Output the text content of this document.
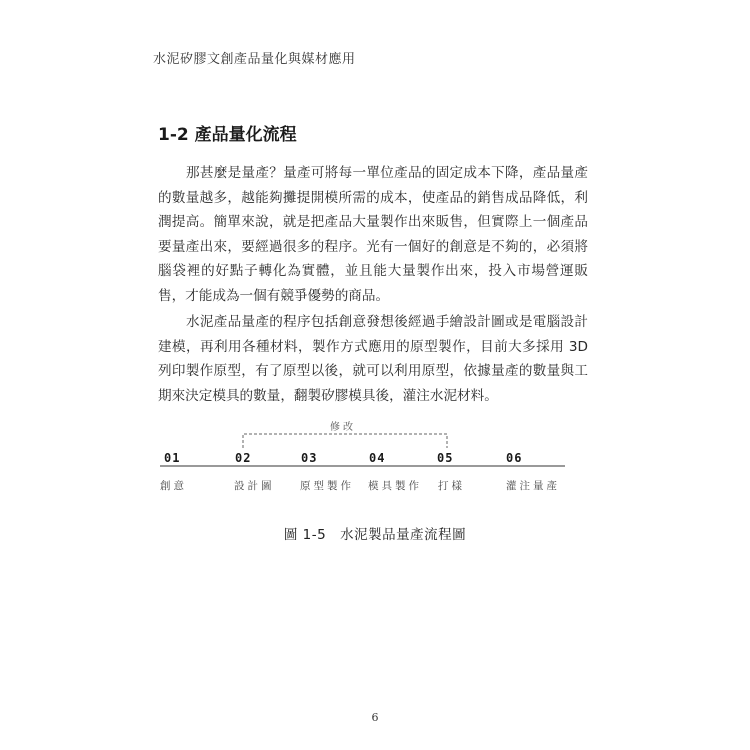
水泥矽膠文創產品量化與媒材應用
1-2 產品量化流程

那甚麼是量產？量產可將每一單位產品的固定成本下降，產品量產的數量越多，越能夠攤提開模所需的成本，使產品的銷售成品降低，利潤提高。簡單來說，就是把產品大量製作出來販售，但實際上一個產品要量產出來，要經過很多的程序。光有一個好的創意是不夠的，必須將腦袋裡的好點子轉化為實體，並且能大量製作出來，投入市場營運販售，才能成為一個有競爭優勢的商品。

水泥產品量產的程序包括創意發想後經過手繪設計圖或是電腦設計建模，再利用各種材料，製作方式應用的原型製作，目前大多採用 3D 列印製作原型，有了原型以後，就可以利用原型，依據量產的數量與工期來決定模具的數量，翻製矽膠模具後，灌注水泥材料。

修改
01	02	03	04	05	06
創意	設計圖 原型製作 模具製作 打樣	灌注量產
圖 1-5 水泥製品量產流程圖
6
